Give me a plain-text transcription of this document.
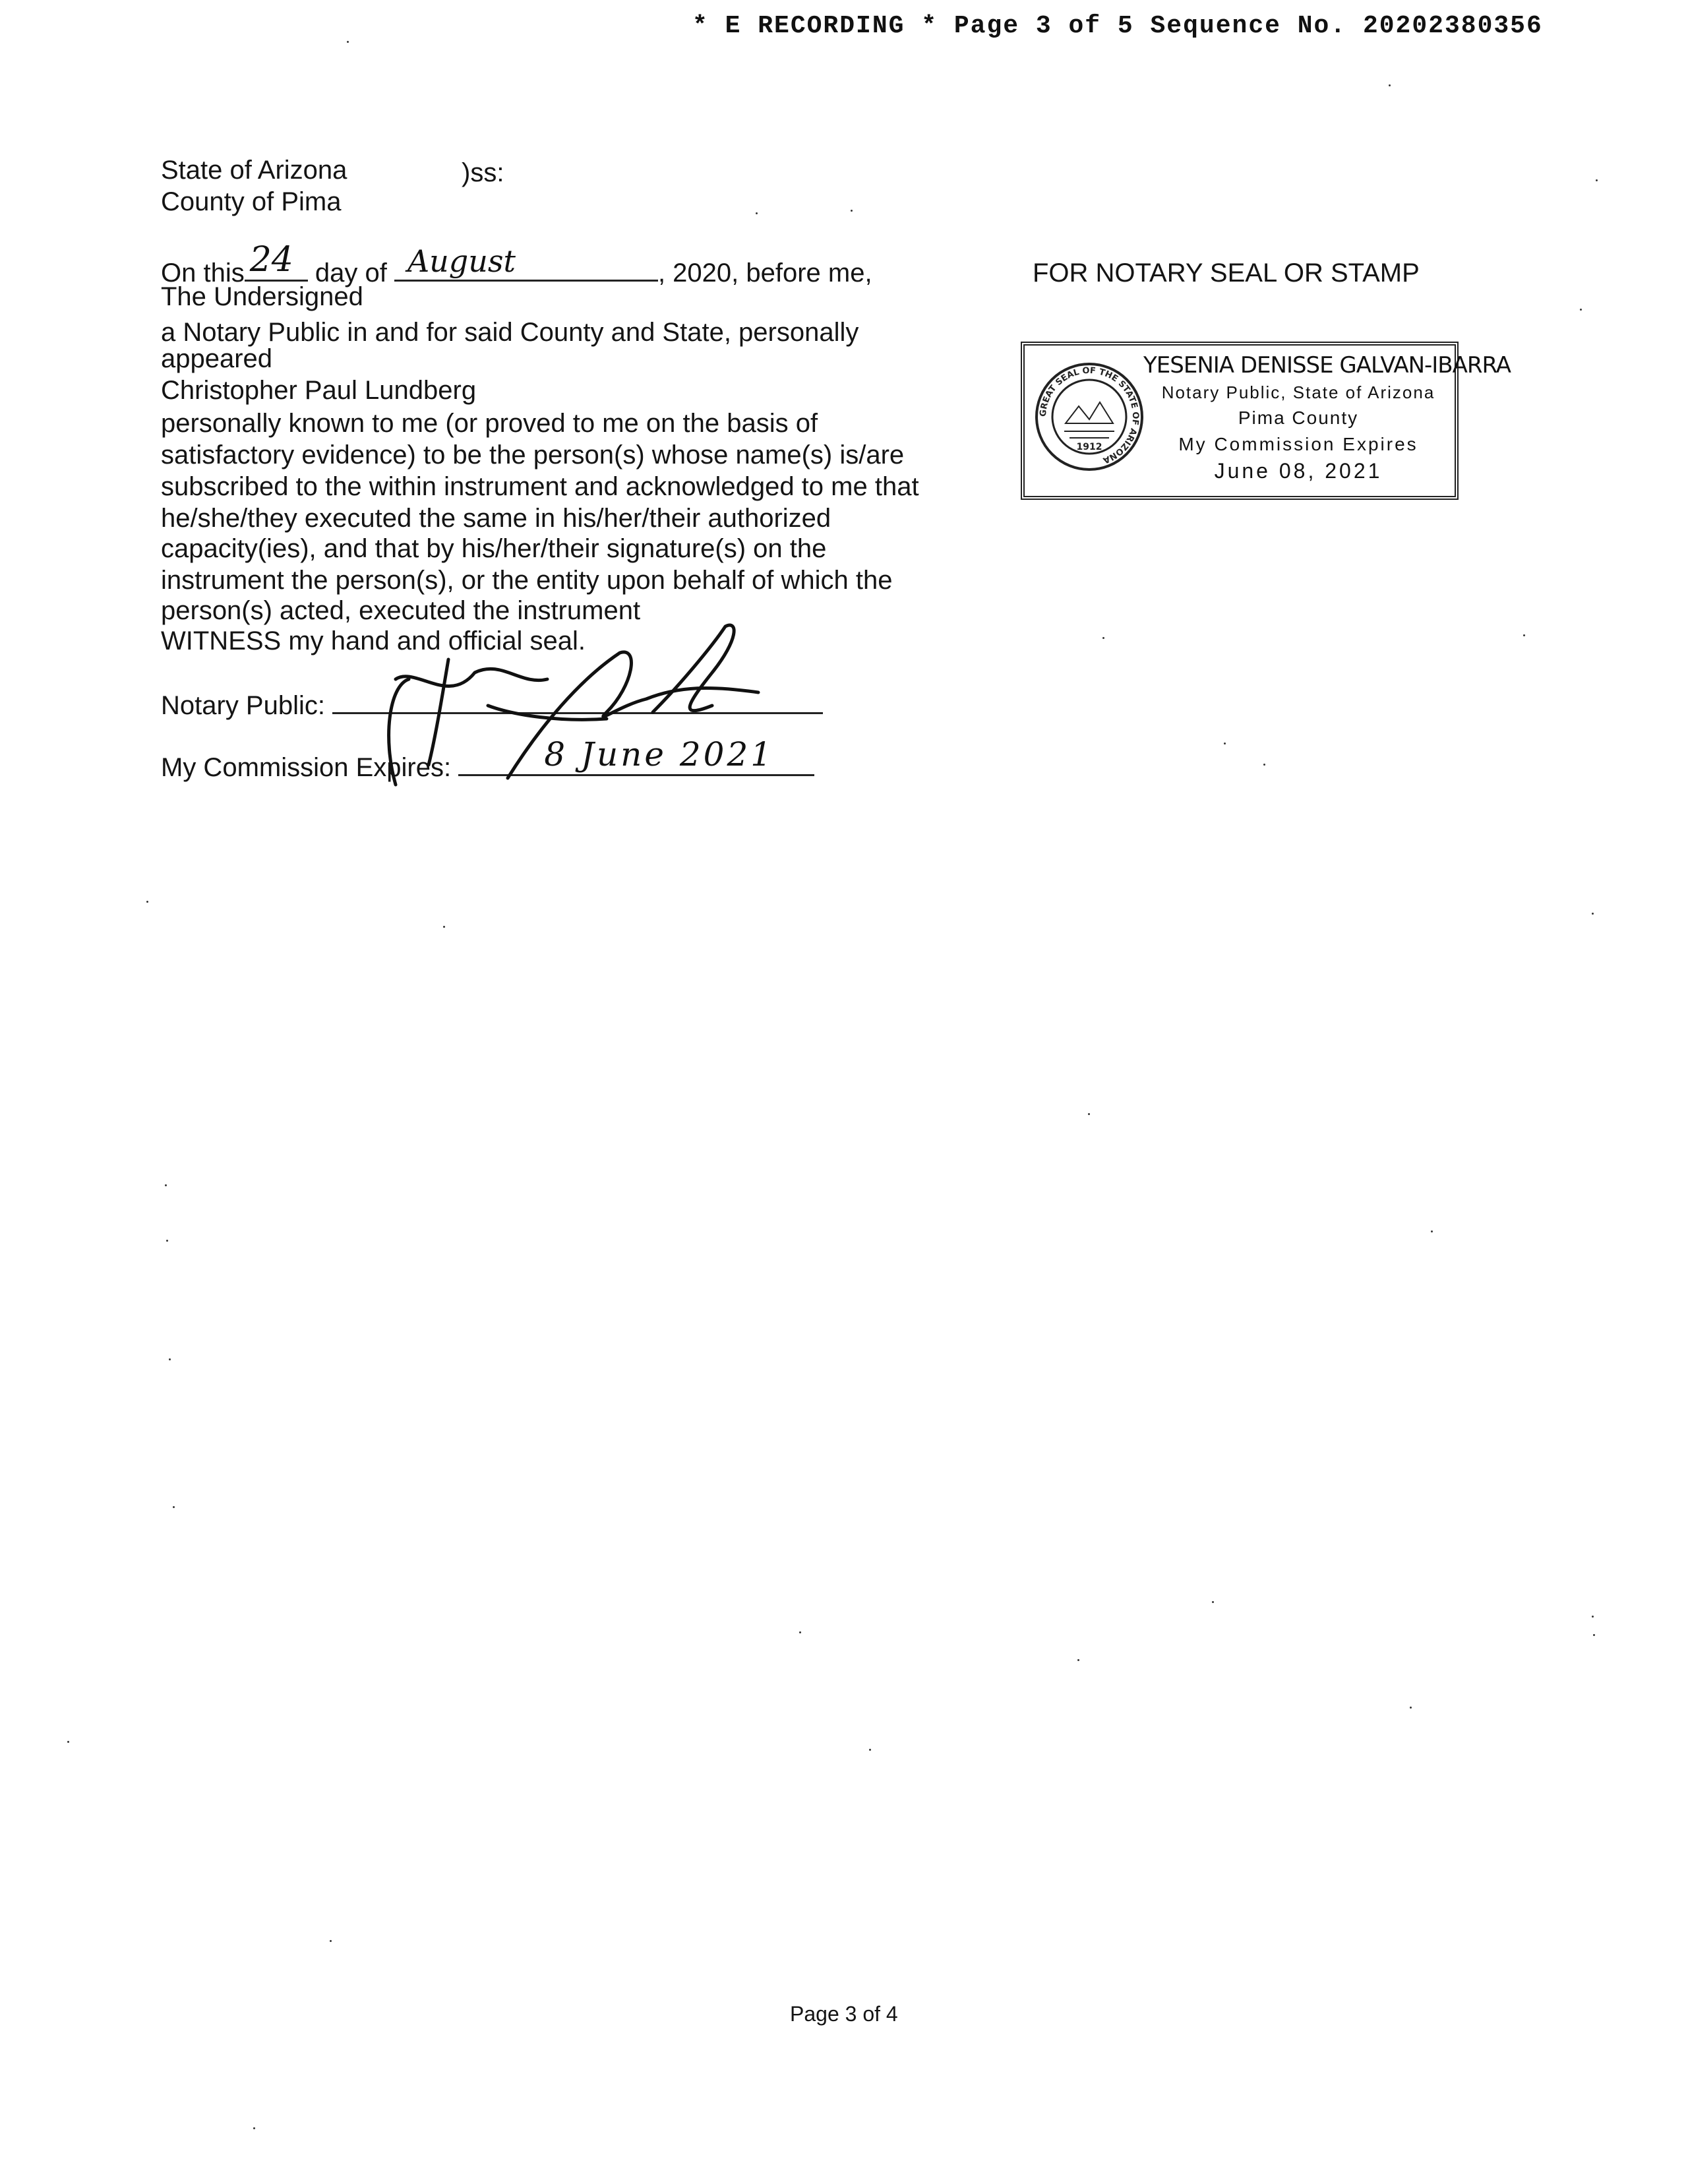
* E RECORDING * Page 3 of 5 Sequence No. 20202380356
State of Arizona	)ss:
County of Pima
On this 24 day of August	, 2020, before me,
The Undersigned
a Notary Public in and for said County and State, personally
appeared
Christopher Paul Lundberg
personally known to me (or proved to me on the basis of
satisfactory evidence) to be the person(s) whose name(s) is/are
subscribed to the within instrument and acknowledged to me that
he/she/they executed the same in his/her/their authorized
capacity(ies), and that by his/her/their signature(s) on the
instrument the person(s), or the entity upon behalf of which the
person(s) acted, executed the instrument
WITNESS my hand and official seal.
Notary Public:
My Commission Expires:	8 June 2021
FOR NOTARY SEAL OR STAMP
GREAT SEAL OF THE STATE OF ARIZONA
1912
YESENIA DENISSE GALVAN-IBARRA
Notary Public, State of Arizona
Pima County
My Commission Expires
June 08, 2021
Page 3 of 4
